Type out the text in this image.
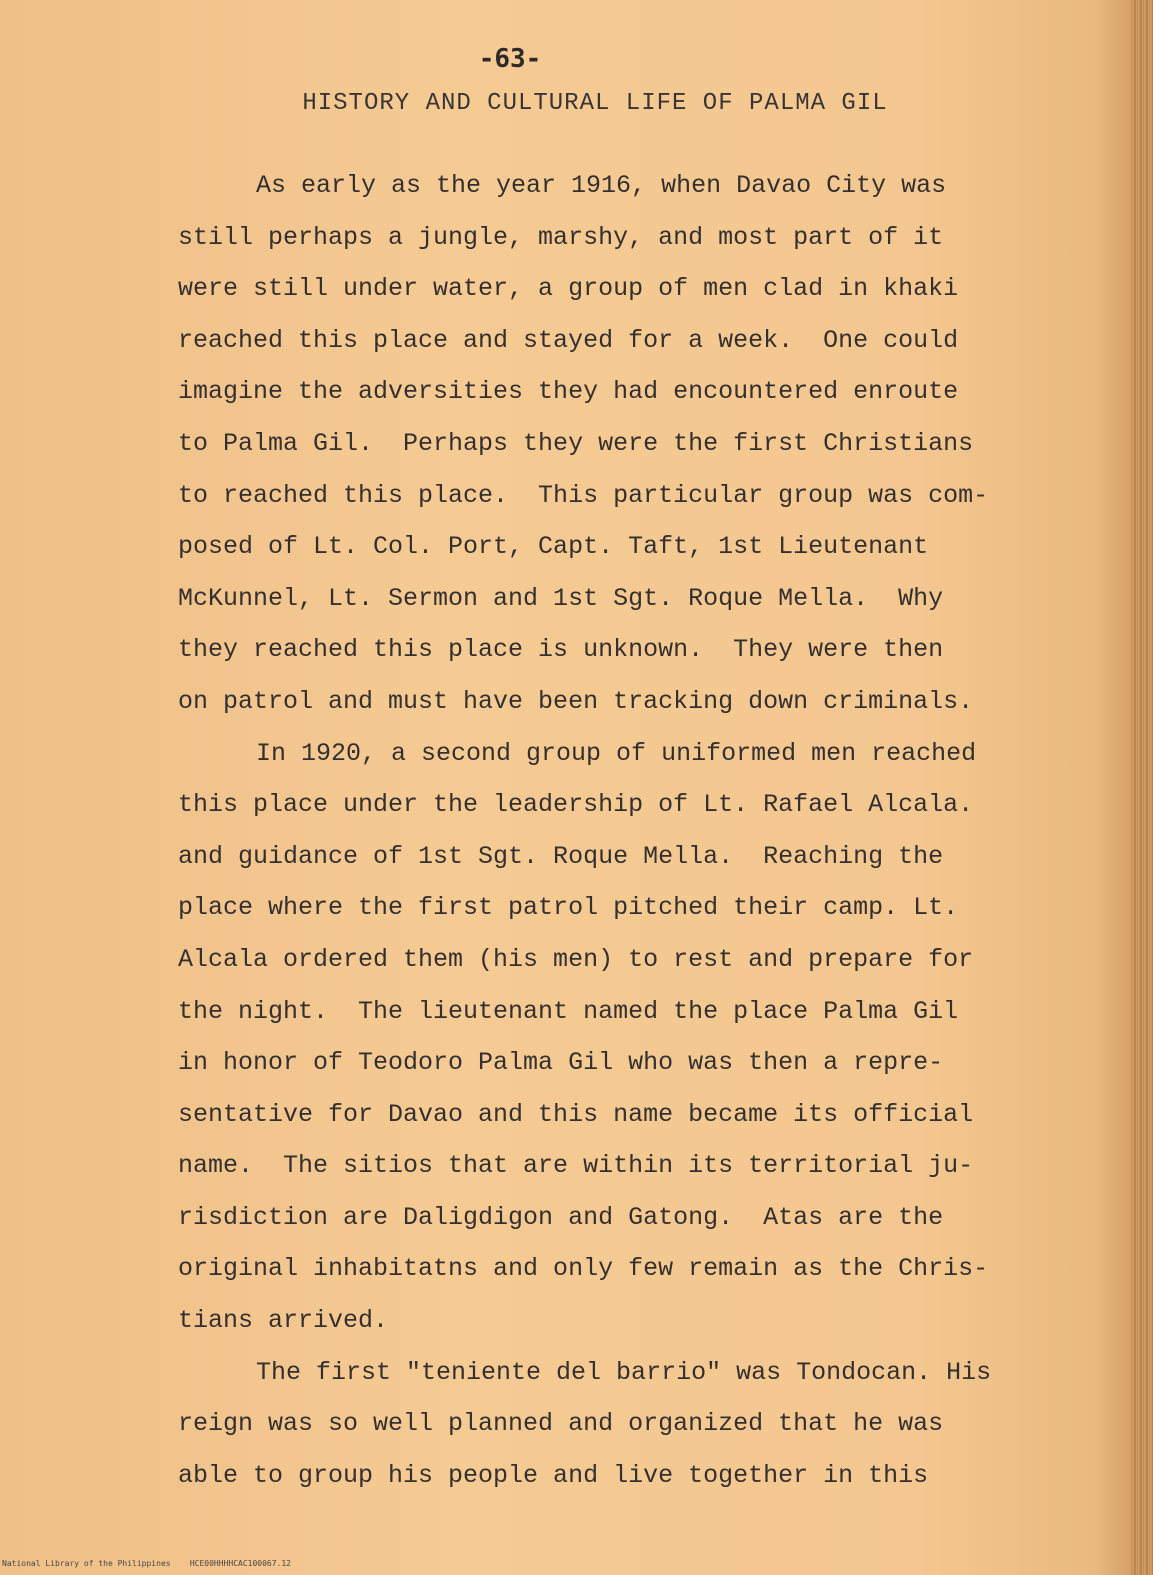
-63-
HISTORY AND CULTURAL LIFE OF PALMA GIL
As early as the year 1916, when Davao City was
still perhaps a jungle, marshy, and most part of it
were still under water, a group of men clad in khaki
reached this place and stayed for a week.  One could
imagine the adversities they had encountered enroute
to Palma Gil.  Perhaps they were the first Christians
to reached this place.  This particular group was com-
posed of Lt. Col. Port, Capt. Taft, 1st Lieutenant
McKunnel, Lt. Sermon and 1st Sgt. Roque Mella.  Why
they reached this place is unknown.  They were then
on patrol and must have been tracking down criminals.
In 1920, a second group of uniformed men reached
this place under the leadership of Lt. Rafael Alcala.
and guidance of 1st Sgt. Roque Mella.  Reaching the
place where the first patrol pitched their camp. Lt.
Alcala ordered them (his men) to rest and prepare for
the night.  The lieutenant named the place Palma Gil
in honor of Teodoro Palma Gil who was then a repre-
sentative for Davao and this name became its official
name.  The sitios that are within its territorial ju-
risdiction are Daligdigon and Gatong.  Atas are the
original inhabitatns and only few remain as the Chris-
tians arrived.
The first "teniente del barrio" was Tondocan. His
reign was so well planned and organized that he was
able to group his people and live together in this
National Library of the Philippines    HCE00HHHHCAC100067.12
